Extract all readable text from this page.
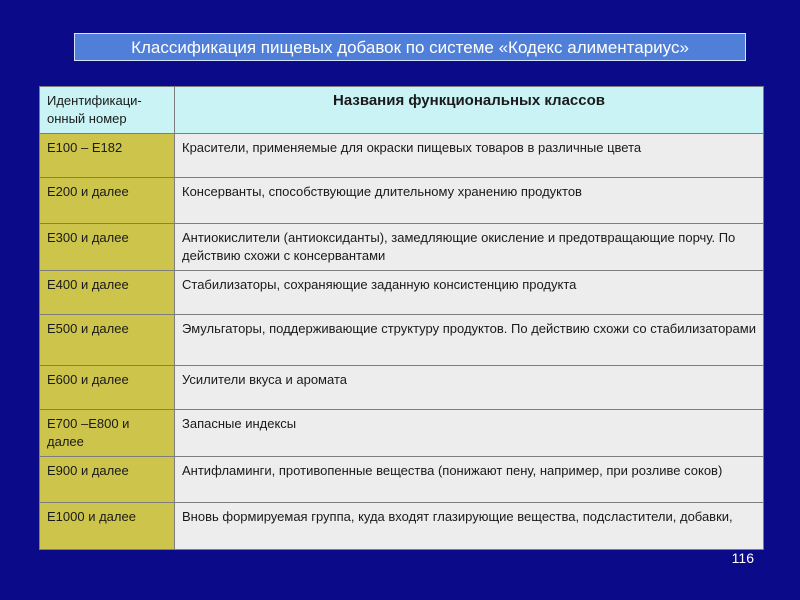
Классификация пищевых добавок по системе «Кодекс алиментариус»
Идентификаци-онный номер	Названия функциональных классов
Е100 – Е182	Красители, применяемые для окраски пищевых товаров в различные цвета
Е200 и далее	Консерванты, способствующие длительному хранению продуктов
Е300 и далее	Антиокислители (антиоксиданты), замедляющие окисление и предотвращающие порчу. По действию схожи с консервантами
Е400 и далее	Стабилизаторы, сохраняющие заданную консистенцию продукта
Е500 и далее	Эмульгаторы, поддерживающие структуру продуктов. По действию схожи со стабилизаторами
Е600 и далее	Усилители вкуса и аромата
Е700 –Е800 и далее	Запасные индексы
Е900 и далее	Антифламинги, противопенные вещества (понижают пену, например, при розливе соков)
Е1000 и далее	Вновь формируемая группа, куда входят глазирующие вещества, подсластители, добавки,
116
